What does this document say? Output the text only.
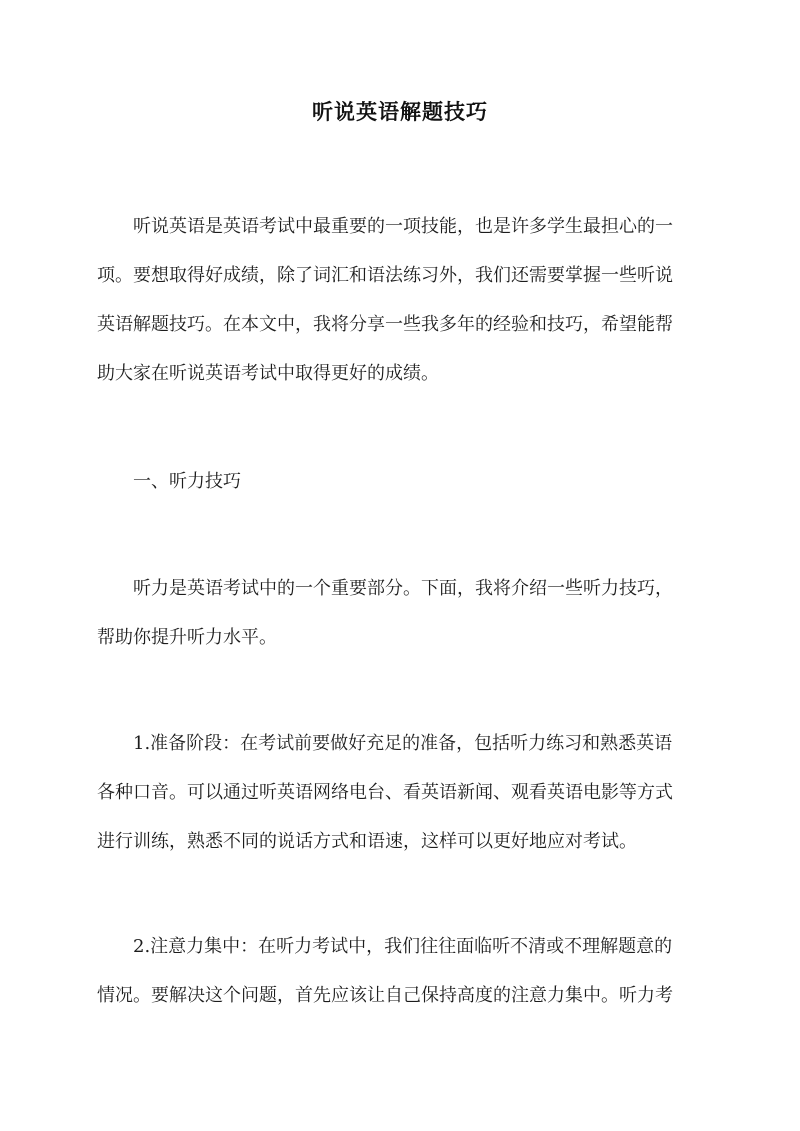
听说英语解题技巧
听说英语是英语考试中最重要的一项技能，也是许多学生最担心的一
项。要想取得好成绩，除了词汇和语法练习外，我们还需要掌握一些听说
英语解题技巧。在本文中，我将分享一些我多年的经验和技巧，希望能帮
助大家在听说英语考试中取得更好的成绩。
一、听力技巧
听力是英语考试中的一个重要部分。下面，我将介绍一些听力技巧，
帮助你提升听力水平。
1.准备阶段：在考试前要做好充足的准备，包括听力练习和熟悉英语
各种口音。可以通过听英语网络电台、看英语新闻、观看英语电影等方式
进行训练，熟悉不同的说话方式和语速，这样可以更好地应对考试。
2.注意力集中：在听力考试中，我们往往面临听不清或不理解题意的
情况。要解决这个问题，首先应该让自己保持高度的注意力集中。听力考
